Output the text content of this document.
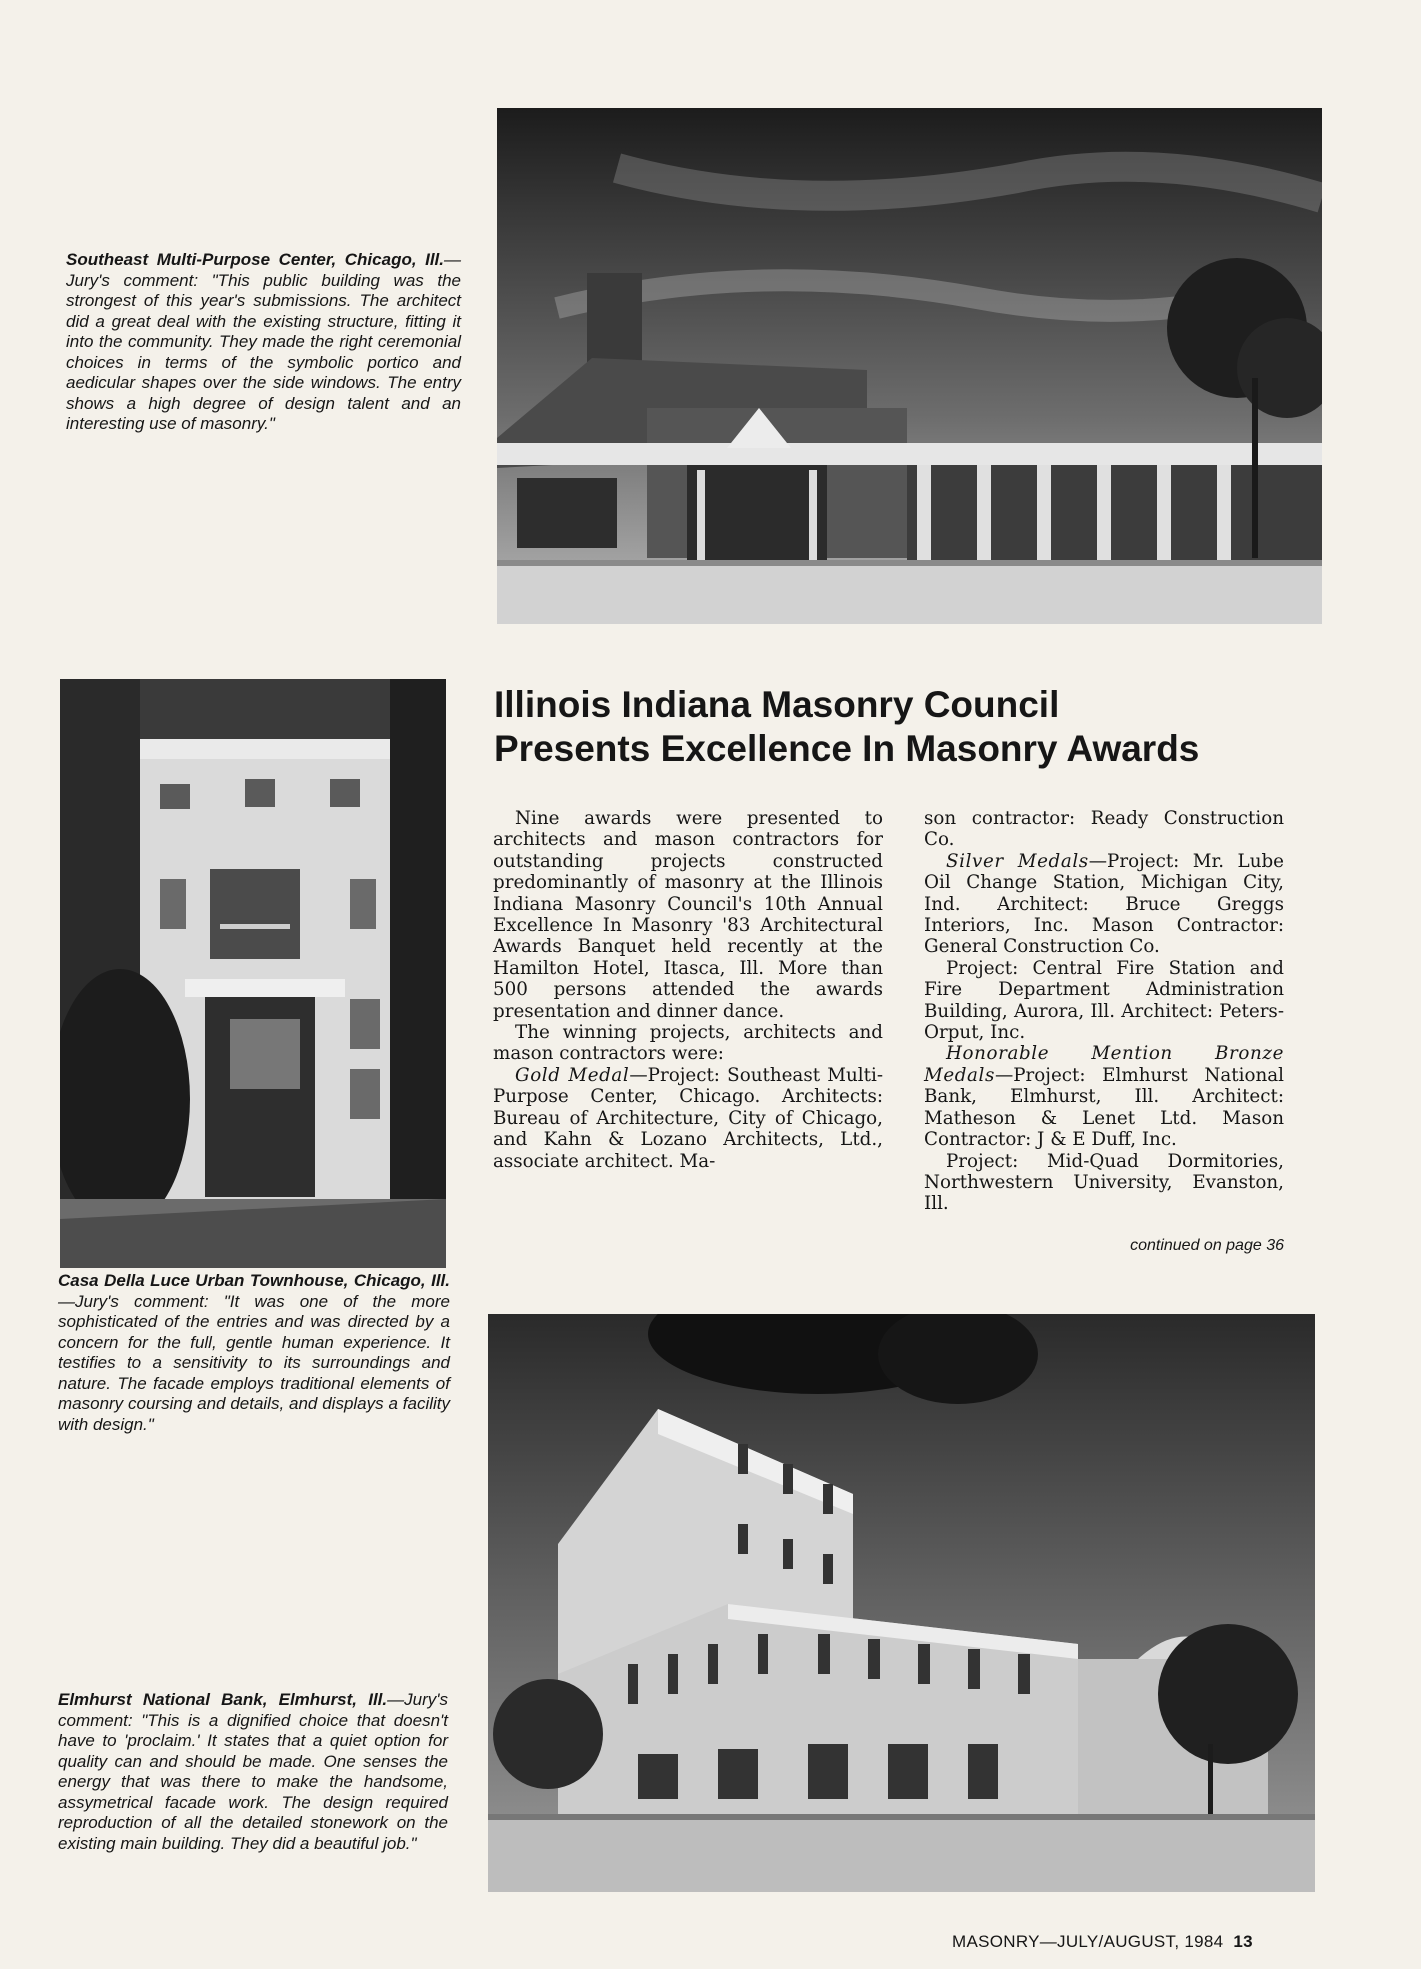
Southeast Multi-Purpose Center, Chicago, Ill.—Jury's comment: "This public building was the strongest of this year's submissions. The architect did a great deal with the existing structure, fitting it into the community. They made the right ceremonial choices in terms of the symbolic portico and aedicular shapes over the side windows. The entry shows a high degree of design talent and an interesting use of masonry."
Casa Della Luce Urban Townhouse, Chicago, Ill.—Jury's comment: "It was one of the more sophisticated of the entries and was directed by a concern for the full, gentle human experience. It testifies to a sensitivity to its surroundings and nature. The facade employs traditional elements of masonry coursing and details, and displays a facility with design."
Illinois Indiana Masonry Council
Presents Excellence In Masonry Awards

Nine awards were presented to architects and mason contractors for outstanding projects constructed predominantly of masonry at the Illinois Indiana Masonry Council's 10th Annual Excellence In Masonry '83 Architectural Awards Banquet held recently at the Hamilton Hotel, Itasca, Ill. More than 500 persons attended the awards presentation and dinner dance.

The winning projects, architects and mason contractors were:

Gold Medal—Project: Southeast Multi-Purpose Center, Chicago. Architects: Bureau of Architecture, City of Chicago, and Kahn & Lozano Architects, Ltd., associate architect. Ma-

son contractor: Ready Construction Co.

Silver Medals—Project: Mr. Lube Oil Change Station, Michigan City, Ind. Architect: Bruce Greggs Interiors, Inc. Mason Contractor: General Construction Co.

Project: Central Fire Station and Fire Department Administration Building, Aurora, Ill. Architect: Peters-Orput, Inc.

Honorable Mention Bronze Medals—Project: Elmhurst National Bank, Elmhurst, Ill. Architect: Matheson & Lenet Ltd. Mason Contractor: J & E Duff, Inc.

Project: Mid-Quad Dormitories, Northwestern University, Evanston, Ill.

continued on page 36
Elmhurst National Bank, Elmhurst, Ill.—Jury's comment: "This is a dignified choice that doesn't have to 'proclaim.' It states that a quiet option for quality can and should be made. One senses the energy that was there to make the handsome, assymetrical facade work. The design required reproduction of all the detailed stonework on the existing main building. They did a beautiful job."
MASONRY—JULY/AUGUST, 1984 13
